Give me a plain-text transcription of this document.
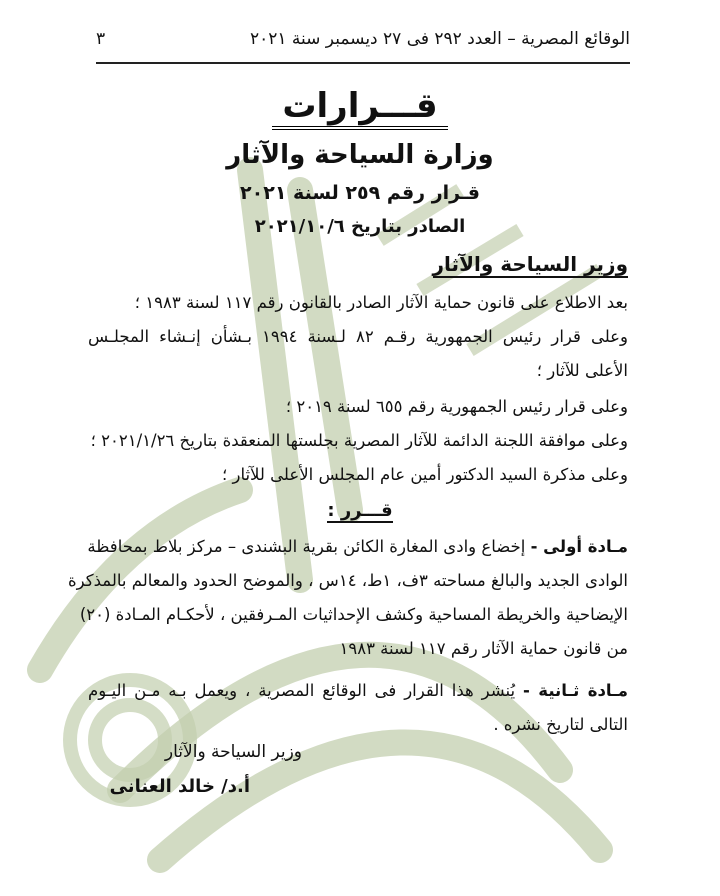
الوقائع المصرية – العدد ٢٩٢ فى ٢٧ ديسمبر سنة ٢٠٢١
٣
قـــرارات
وزارة السياحة والآثار
قـرار رقم ٢٥٩ لسنة ٢٠٢١
الصادر بتاريخ ٢٠٢١/١٠/٦
وزير السياحة والآثار
بعد الاطلاع على قانون حماية الآثار الصادر بالقانون رقم ١١٧ لسنة ١٩٨٣ ؛
وعلى قرار رئيس الجمهورية رقـم ٨٢ لـسنة ١٩٩٤ بـشأن إنـشاء المجلـس
الأعلى للآثار ؛
وعلى قرار رئيس الجمهورية رقم ٦٥٥ لسنة ٢٠١٩ ؛
وعلى موافقة اللجنة الدائمة للآثار المصرية بجلستها المنعقدة بتاريخ ٢٠٢١/١/٢٦ ؛
وعلى مذكرة السيد الدكتور أمين عام المجلس الأعلى للآثار ؛
قـــرر :
مـادة أولى - إخضاع وادى المغارة الكائن بقرية البشندى – مركز بلاط بمحافظة
الوادى الجديد والبالغ مساحته ٣ف، ١ط، ١٤س ، والموضح الحدود والمعالم بالمذكرة
الإيضاحية والخريطة المساحية وكشف الإحداثيات المـرفقين ، لأحكـام المـادة (٢٠)
من قانون حماية الآثار رقم ١١٧ لسنة ١٩٨٣
مـادة ثـانية - يُنشر هذا القرار فى الوقائع المصرية ، ويعمل بـه مـن اليـوم
التالى لتاريخ نشره .
وزير السياحة والآثار
أ.د/ خالد العنانى
